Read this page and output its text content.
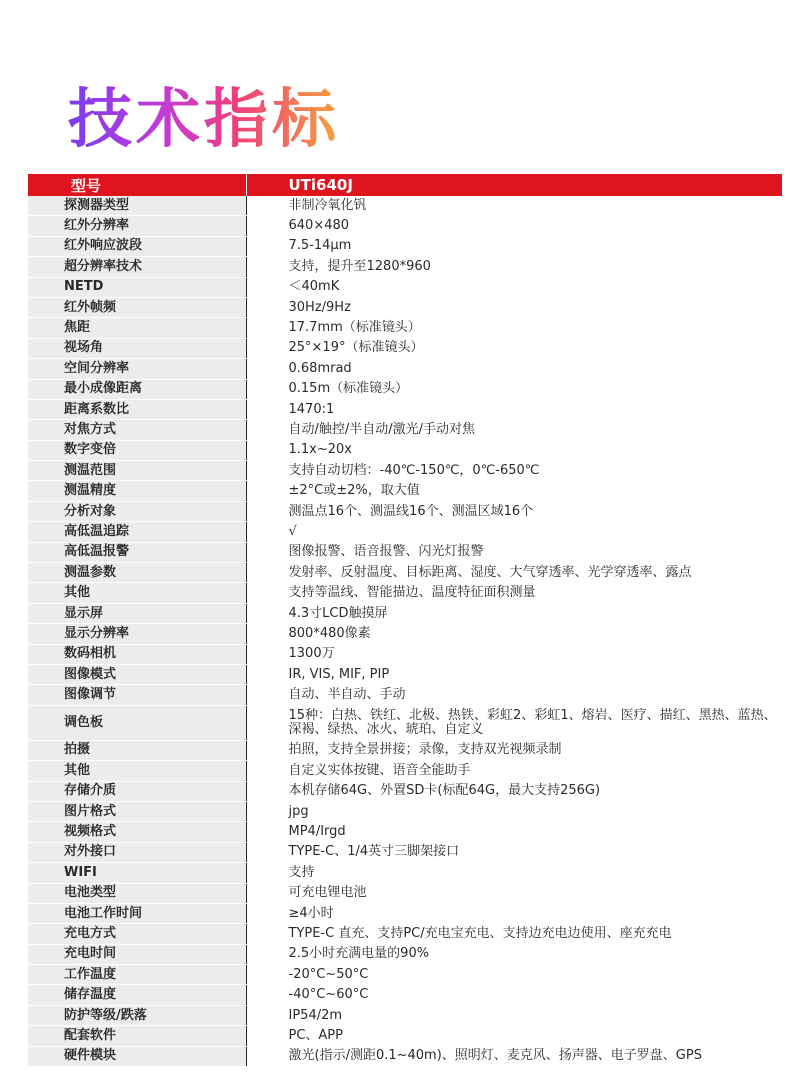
技术指标
型号	UTi640J
探测器类型	非制冷氧化钒
红外分辨率	640×480
红外响应波段	7.5-14μm
超分辨率技术	支持，提升至1280*960
NETD	＜40mK
红外帧频	30Hz/9Hz
焦距	17.7mm（标准镜头）
视场角	25°×19°（标准镜头）
空间分辨率	0.68mrad
最小成像距离	0.15m（标准镜头）
距离系数比	1470:1
对焦方式	自动/触控/半自动/激光/手动对焦
数字变倍	1.1x~20x
测温范围	支持自动切档：-40℃-150℃，0℃-650℃
测温精度	±2°C或±2%，取大值
分析对象	测温点16个、测温线16个、测温区域16个
高低温追踪	√
高低温报警	图像报警、语音报警、闪光灯报警
测温参数	发射率、反射温度、目标距离、湿度、大气穿透率、光学穿透率、露点
其他	支持等温线、智能描边、温度特征面积测量
显示屏	4.3寸LCD触摸屏
显示分辨率	800*480像素
数码相机	1300万
图像模式	IR, VIS, MIF, PIP
图像调节	自动、半自动、手动
调色板	15种：白热、铁红、北极、热铁、彩虹2、彩虹1、熔岩、医疗、描红、黑热、蓝热、深褐、绿热、冰火、琥珀、自定义
拍摄	拍照，支持全景拼接；录像，支持双光视频录制
其他	自定义实体按键、语音全能助手
存储介质	本机存储64G、外置SD卡(标配64G，最大支持256G)
图片格式	jpg
视频格式	MP4/Irgd
对外接口	TYPE-C、1/4英寸三脚架接口
WIFI	支持
电池类型	可充电锂电池
电池工作时间	≥4小时
充电方式	TYPE-C 直充、支持PC/充电宝充电、支持边充电边使用、座充充电
充电时间	2.5小时充满电量的90%
工作温度	-20°C~50°C
储存温度	-40°C~60°C
防护等级/跌落	IP54/2m
配套软件	PC、APP
硬件模块	激光(指示/测距0.1~40m)、照明灯、麦克风、扬声器、电子罗盘、GPS
